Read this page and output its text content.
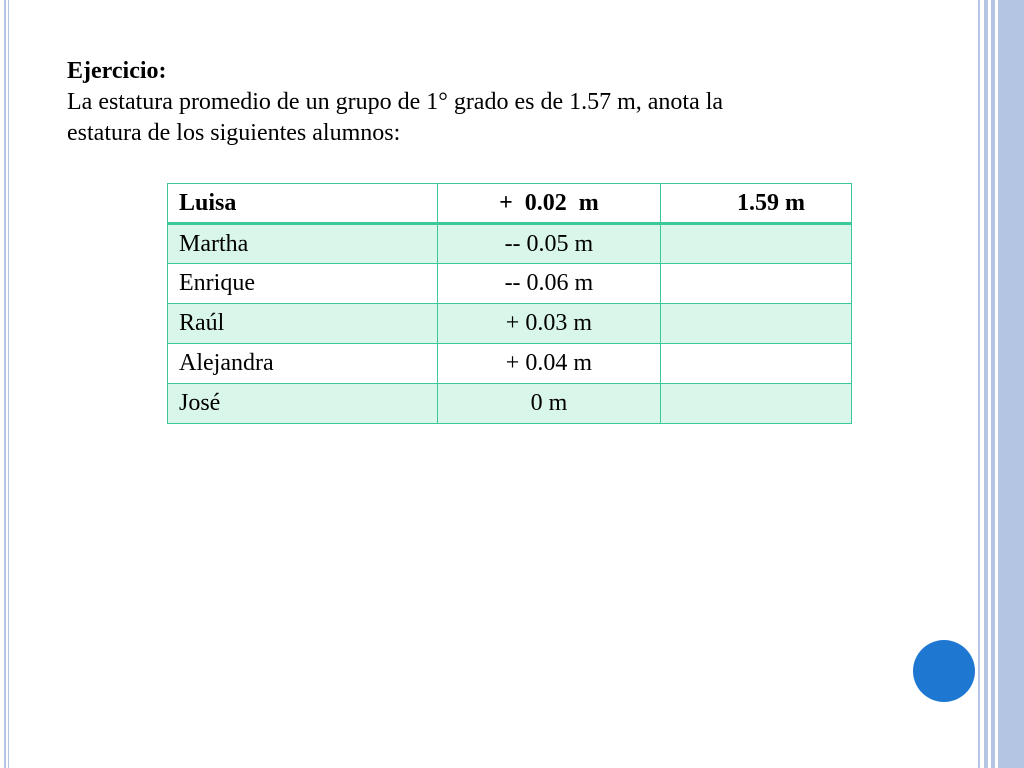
Ejercicio:
La estatura promedio de un grupo de 1° grado es de 1.57 m, anota la
estatura de los siguientes alumnos:
Luisa	+  0.02  m	1.59 m
Martha	-- 0.05 m	
Enrique	-- 0.06 m	
Raúl	+ 0.03 m	
Alejandra	+ 0.04 m	
José	0 m	
